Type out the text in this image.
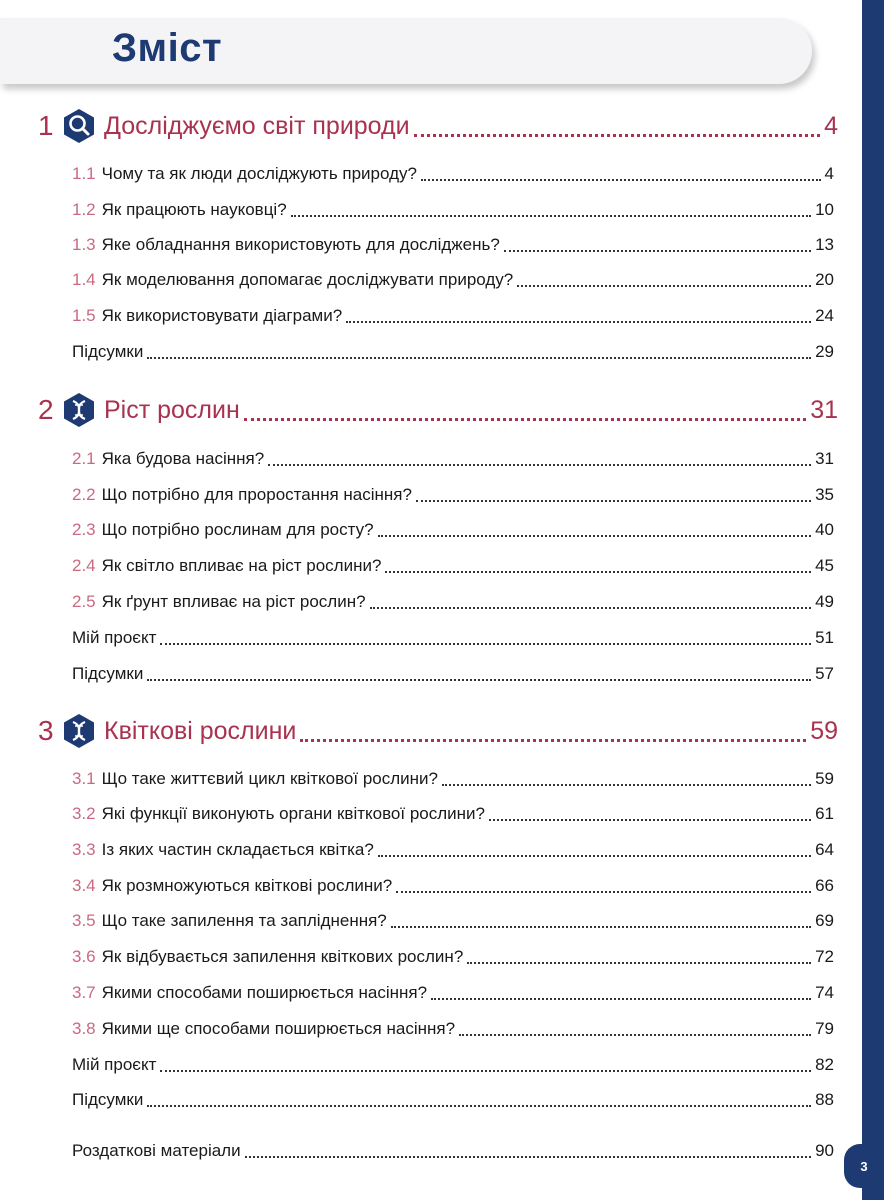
3
Зміст
1	Досліджуємо світ природи	4
1.1 Чому та як люди досліджують природу?	4
1.2 Як працюють науковці?	10
1.3 Яке обладнання використовують для досліджень?	13
1.4 Як моделювання допомагає досліджувати природу?	20
1.5 Як використовувати діаграми?	24
Підсумки	29
2	Ріст рослин	31
2.1 Яка будова насіння?	31
2.2 Що потрібно для проростання насіння?	35
2.3 Що потрібно рослинам для росту?	40
2.4 Як світло впливає на ріст рослини?	45
2.5 Як ґрунт впливає на ріст рослин?	49
Мій проєкт	51
Підсумки	57
3	Квіткові рослини	59
3.1 Що таке життєвий цикл квіткової рослини?	59
3.2 Які функції виконують органи квіткової рослини?	61
3.3 Із яких частин складається квітка?	64
3.4 Як розмножуються квіткові рослини?	66
3.5 Що таке запилення та запліднення?	69
3.6 Як відбувається запилення квіткових рослин?	72
3.7 Якими способами поширюється насіння?	74
3.8 Якими ще способами поширюється насіння?	79
Мій проєкт	82
Підсумки	88
Роздаткові матеріали	90
